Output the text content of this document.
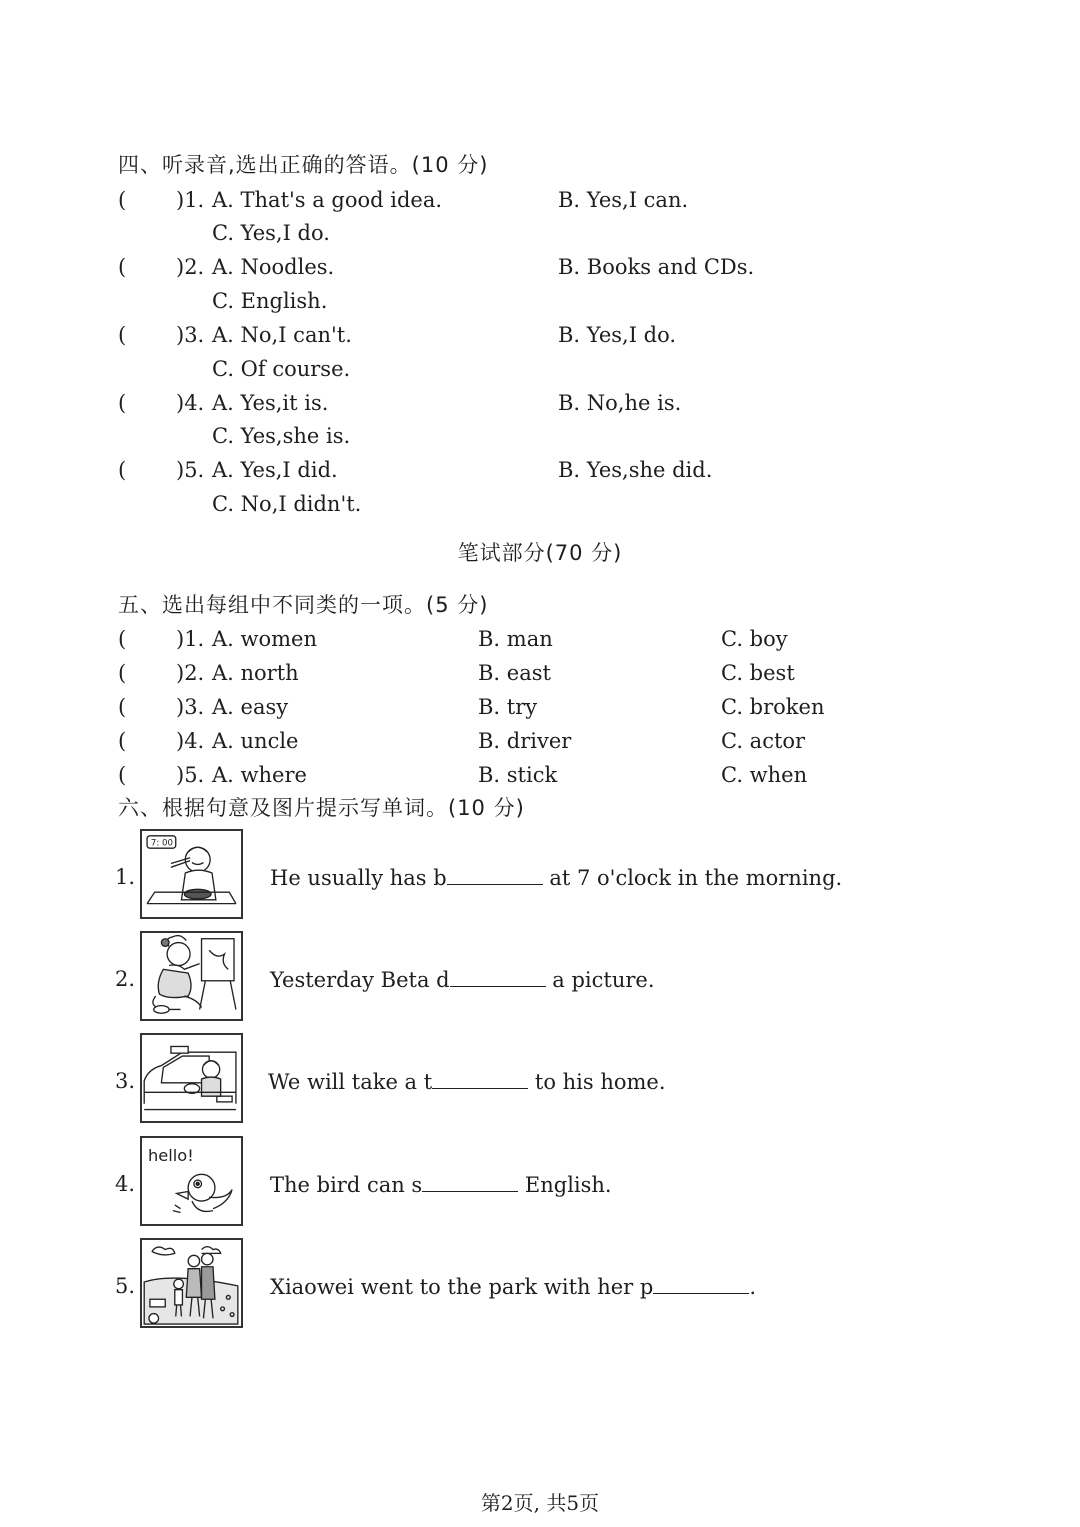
四、听录音,选出正确的答语。(10 分)
( )1. A. That's a good idea.	B. Yes,I can.
C. Yes,I do.
( )2. A. Noodles.	B. Books and CDs.
C. English.
( )3. A. No,I can't.	B. Yes,I do.
C. Of course.
( )4. A. Yes,it is.	B. No,he is.
C. Yes,she is.
( )5. A. Yes,I did.	B. Yes,she did.
C. No,I didn't.
笔试部分(70 分)
五、选出每组中不同类的一项。(5 分)
( )1. A. women	B. man	C. boy
( )2. A. north	B. east	C. best
( )3. A. easy	B. try	C. broken
( )4. A. uncle	B. driver	C. actor
( )5. A. where	B. stick	C. when
六、根据句意及图片提示写单词。(10 分)
1.
7: 00
He usually has b	at 7 o'clock in the morning.
2.	Yesterday Beta d	a picture.
3.	We will take a t	to his home.
4.
hello!
The bird can s	English.
5.	Xiaowei went to the park with her p	.
第2页, 共5页
